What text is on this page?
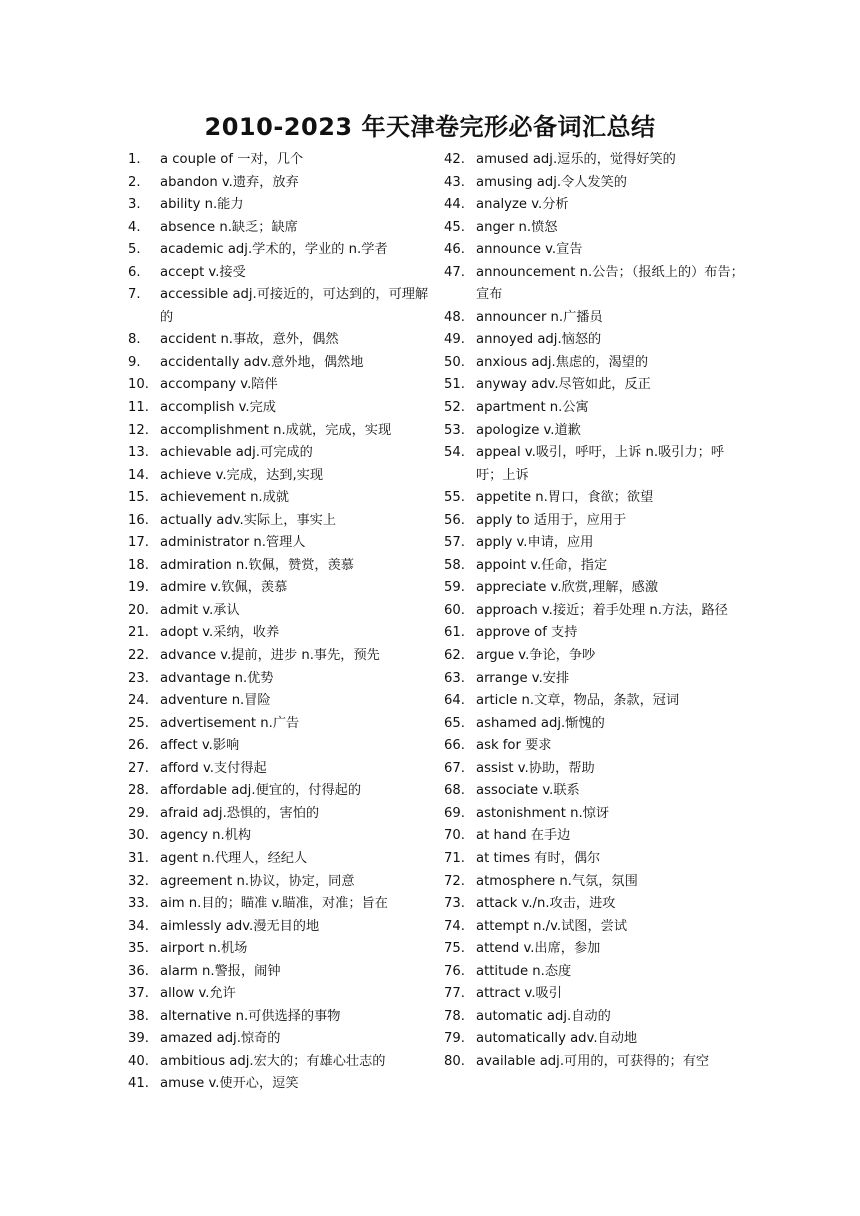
2010-2023 年天津卷完形必备词汇总结
1. a couple of 一对，几个
2. abandon v.遗弃，放弃
3. ability n.能力
4. absence n.缺乏；缺席
5. academic adj.学术的，学业的 n.学者
6. accept v.接受
7. accessible adj.可接近的，可达到的，可理解的
8. accident n.事故，意外，偶然
9. accidentally adv.意外地，偶然地
10. accompany v.陪伴
11. accomplish v.完成
12. accomplishment n.成就，完成，实现
13. achievable adj.可完成的
14. achieve v.完成，达到,实现
15. achievement n.成就
16. actually adv.实际上，事实上
17. administrator n.管理人
18. admiration n.钦佩，赞赏，羡慕
19. admire v.钦佩，羡慕
20. admit v.承认
21. adopt v.采纳，收养
22. advance v.提前，进步 n.事先，预先
23. advantage n.优势
24. adventure n.冒险
25. advertisement n.广告
26. affect v.影响
27. afford v.支付得起
28. affordable adj.便宜的，付得起的
29. afraid adj.恐惧的，害怕的
30. agency n.机构
31. agent n.代理人，经纪人
32. agreement n.协议，协定，同意
33. aim n.目的；瞄准 v.瞄准，对准；旨在
34. aimlessly adv.漫无目的地
35. airport n.机场
36. alarm n.警报，闹钟
37. allow v.允许
38. alternative n.可供选择的事物
39. amazed adj.惊奇的
40. ambitious adj.宏大的；有雄心壮志的
41. amuse v.使开心，逗笑
42. amused adj.逗乐的，觉得好笑的
43. amusing adj.令人发笑的
44. analyze v.分析
45. anger n.愤怒
46. announce v.宣告
47. announcement n.公告；（报纸上的）布告；宣布
48. announcer n.广播员
49. annoyed adj.恼怒的
50. anxious adj.焦虑的，渴望的
51. anyway adv.尽管如此，反正
52. apartment n.公寓
53. apologize v.道歉
54. appeal v.吸引，呼吁，上诉 n.吸引力；呼吁；上诉
55. appetite n.胃口，食欲；欲望
56. apply to 适用于，应用于
57. apply v.申请，应用
58. appoint v.任命，指定
59. appreciate v.欣赏,理解，感激
60. approach v.接近；着手处理 n.方法，路径
61. approve of 支持
62. argue v.争论，争吵
63. arrange v.安排
64. article n.文章，物品，条款，冠词
65. ashamed adj.惭愧的
66. ask for 要求
67. assist v.协助，帮助
68. associate v.联系
69. astonishment n.惊讶
70. at hand 在手边
71. at times 有时，偶尔
72. atmosphere n.气氛，氛围
73. attack v./n.攻击，进攻
74. attempt n./v.试图，尝试
75. attend v.出席，参加
76. attitude n.态度
77. attract v.吸引
78. automatic adj.自动的
79. automatically adv.自动地
80. available adj.可用的，可获得的；有空
